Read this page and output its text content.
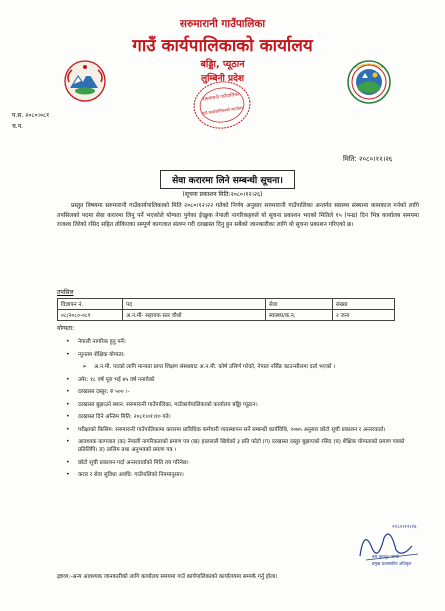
सरुमारानी गाउँपालिका
गाउँ कार्यपालिकाको कार्यालय
बड्डिा, प्यूठान
लुम्बिनी प्रदेश
सरुमारानी गाउँपालिका
गाउँ कार्यपालिकाको कार्यालय
प.स. २०८०।०८१
च.न.
मिति: २०८०।१२।२६
सेवा करारमा लिने सम्बन्धी सूचना।
(सूचना प्रकाशन मिति:२०८०।१२।२६)
प्रस्तुत विषयमा सरुमारानी गाउँकार्यपालिकाको मिति २०८०।१२।२२ गतेको निर्णय अनुसार सरुमारानी गाउँपालिका अन्तर्गत स्वास्थ्य संस्थामा कामकाज गर्नको लागि तपसिलको पदमा सेवा करारमा लिनु पर्ने भएकोले योग्यता पुगेका ईच्छुक नेपाली नागरिकहरुले यो सूचना प्रकाशन भएको मितिले १५ (पन्ध्र) दिन भित्र कार्यालय समयमा राजश्व तिरेको रसिद सहित तोकिएका सम्पूर्ण कागजात संलग्न गरी दरखास्त दिनु हुन सबैको जानकारीका लागि यो सूचना प्रकाशन गरिएको छ।
तपसिल
विज्ञापन नं.	पद	सेवा	संख्या
०८/२०८०-०८१	अ.न.मी- सहायक स्तर चौथो	स्वास्थ्य/क.न,	२ जना
योग्यता:
• नेपाली नागरिक हुनु पर्ने।
• न्युनतम शैक्षिक योग्यता:
➢ अ.न.मी. पदको लागि मान्यता प्राप्त शिक्षण संस्थाबाट अ.न.मी. कोर्ष उत्तिर्ण गरेको, नेपाल नर्सिङ काउन्सीलमा दर्ता भएको ।
• उमेर: १८ वर्ष पूरा भई ४५ वर्ष ननाघेको
• दरखास्त दस्तुर: रु ५०० ।-
• दरखास्त बुझाउने स्थान: सरुमारानी गाउँपालिका, गाउँकार्यपालिकाको कार्यालय बड्डिा प्यूठान।
• दरखास्त दिने अन्तिम मिति: २०८१।०१।१० गते।
• परीक्षाको किसिम: सरुमारानी गाउँपालिकामा करारमा प्राविधिक कर्मचारी व्यवस्थापन सर्ने सम्बन्धी कार्यविधि, २०७५ अनुसार छोटो सूची प्रकाशन र अन्तरवार्ता।
• आवश्यक कागजात (क) नेपाली नागरिकताको प्रमाण पत्र (ख) हालसालै खिचेको ३ प्रति फोटो (ग) दरखास्त दस्तुर बुझाएको रसिद (घ) शैक्षिक योग्यताको प्रमाण पत्रको प्रतिलिपि। ङ) तालिम तथा अनुभवको प्रमाण पत्र ।
• छोटो सूची प्रकाशन गर्दा अन्तरवार्ताको मिति तय गरिनेछ।
• करार र सेवा सुविधा अवधि: गाउँपालिको नियमानुसार।
२०८०।१२।२६
बम बहादुर पाण्डे
प्रमुख प्रशासकीय अधिकृत
द्रष्टव्य:-अन्य आवश्यक जानकारीको लागि कार्यालय समयमा गाउँ कार्यपालिकाको कार्यालयमा सम्पर्क गर्नु होला।
